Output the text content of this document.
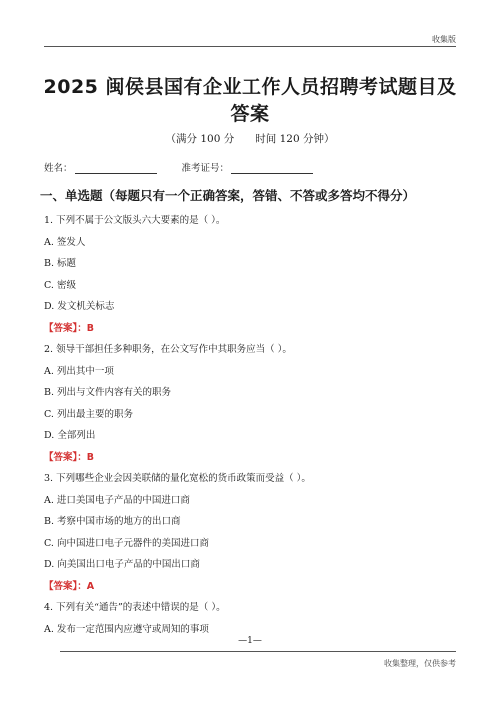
收集版
2025 闽侯县国有企业工作人员招聘考试题目及答案
（满分 100 分　　时间 120 分钟）
姓名：	准考证号：
一、单选题（每题只有一个正确答案，答错、不答或多答均不得分）
1. 下列不属于公文版头六大要素的是（ ）。
A. 签发人
B. 标题
C. 密级
D. 发文机关标志
【答案】：B
2. 领导干部担任多种职务，在公文写作中其职务应当（ ）。
A. 列出其中一项
B. 列出与文件内容有关的职务
C. 列出最主要的职务
D. 全部列出
【答案】：B
3. 下列哪些企业会因美联储的量化宽松的货币政策而受益（ ）。
A. 进口美国电子产品的中国进口商
B. 考察中国市场的地方的出口商
C. 向中国进口电子元器件的美国进口商
D. 向美国出口电子产品的中国出口商
【答案】：A
4. 下列有关“通告”的表述中错误的是（ ）。
A. 发布一定范围内应遵守或周知的事项
—1—
收集整理，仅供参考
